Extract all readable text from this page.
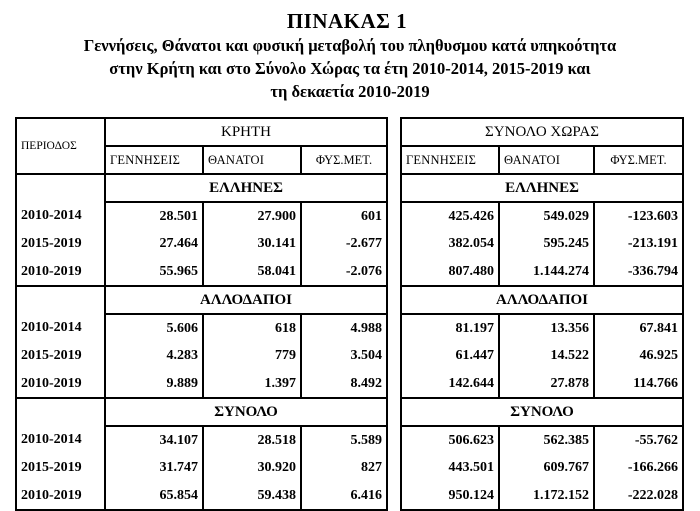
ΠΙΝΑΚΑΣ 1
Γεννήσεις, Θάνατοι και φυσική μεταβολή του πληθυσμου κατά υπηκοότητα
στην Κρήτη και στο Σύνολο Χώρας τα έτη 2010-2014, 2015-2019 και
τη δεκαετία 2010-2019
ΠΕΡΙΟΔΟΣ	ΚΡΗΤΗ				ΣΥΝΟΛΟ ΧΩΡΑΣ		
	ΓΕΝΝΗΣΕΙΣ	ΘΑΝΑΤΟΙ	ΦΥΣ.ΜΕΤ.		ΓΕΝΝΗΣΕΙΣ	ΘΑΝΑΤΟΙ	ΦΥΣ.ΜΕΤ.
	ΕΛΛΗΝΕΣ				ΕΛΛΗΝΕΣ		
2010-2014	28.501	27.900	601		425.426	549.029	-123.603
2015-2019	27.464	30.141	-2.677		382.054	595.245	-213.191
2010-2019	55.965	58.041	-2.076		807.480	1.144.274	-336.794
	ΑΛΛΟΔΑΠΟΙ				ΑΛΛΟΔΑΠΟΙ		
2010-2014	5.606	618	4.988		81.197	13.356	67.841
2015-2019	4.283	779	3.504		61.447	14.522	46.925
2010-2019	9.889	1.397	8.492		142.644	27.878	114.766
	ΣΥΝΟΛΟ				ΣΥΝΟΛΟ		
2010-2014	34.107	28.518	5.589		506.623	562.385	-55.762
2015-2019	31.747	30.920	827		443.501	609.767	-166.266
2010-2019	65.854	59.438	6.416		950.124	1.172.152	-222.028
